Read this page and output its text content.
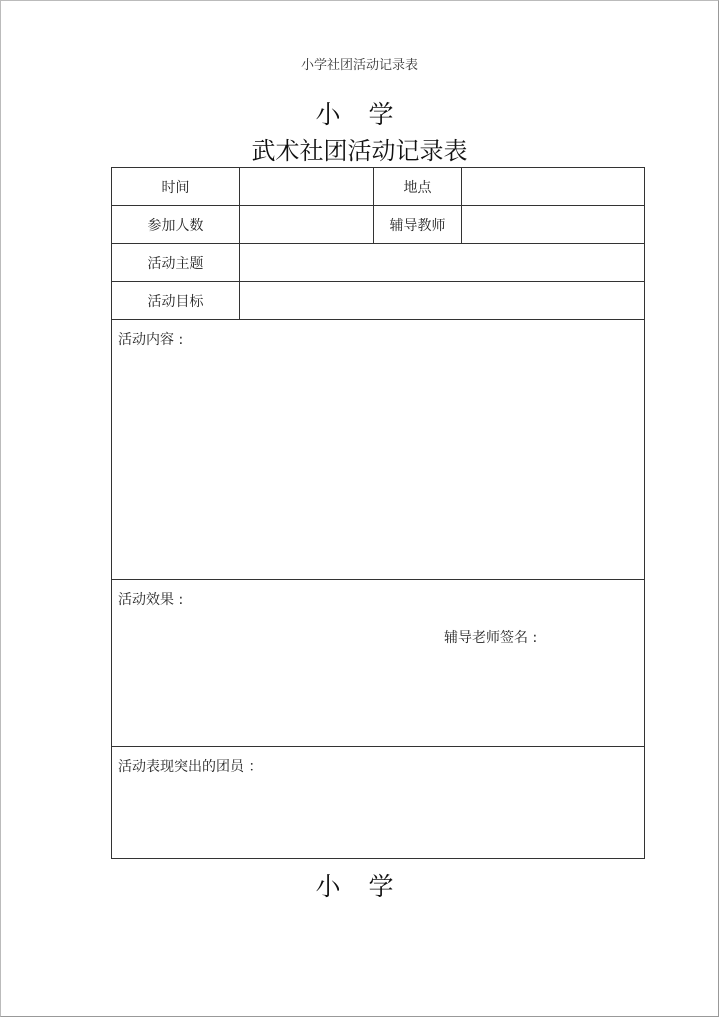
小学社团活动记录表
小 学
武术社团活动记录表
时间		地点	
参加人数		辅导教师	
活动主题			
活动目标			

活动内容 :			

活动效果 :
辅导老师签名 :			

活动表现突出的团员 ：			
小 学
